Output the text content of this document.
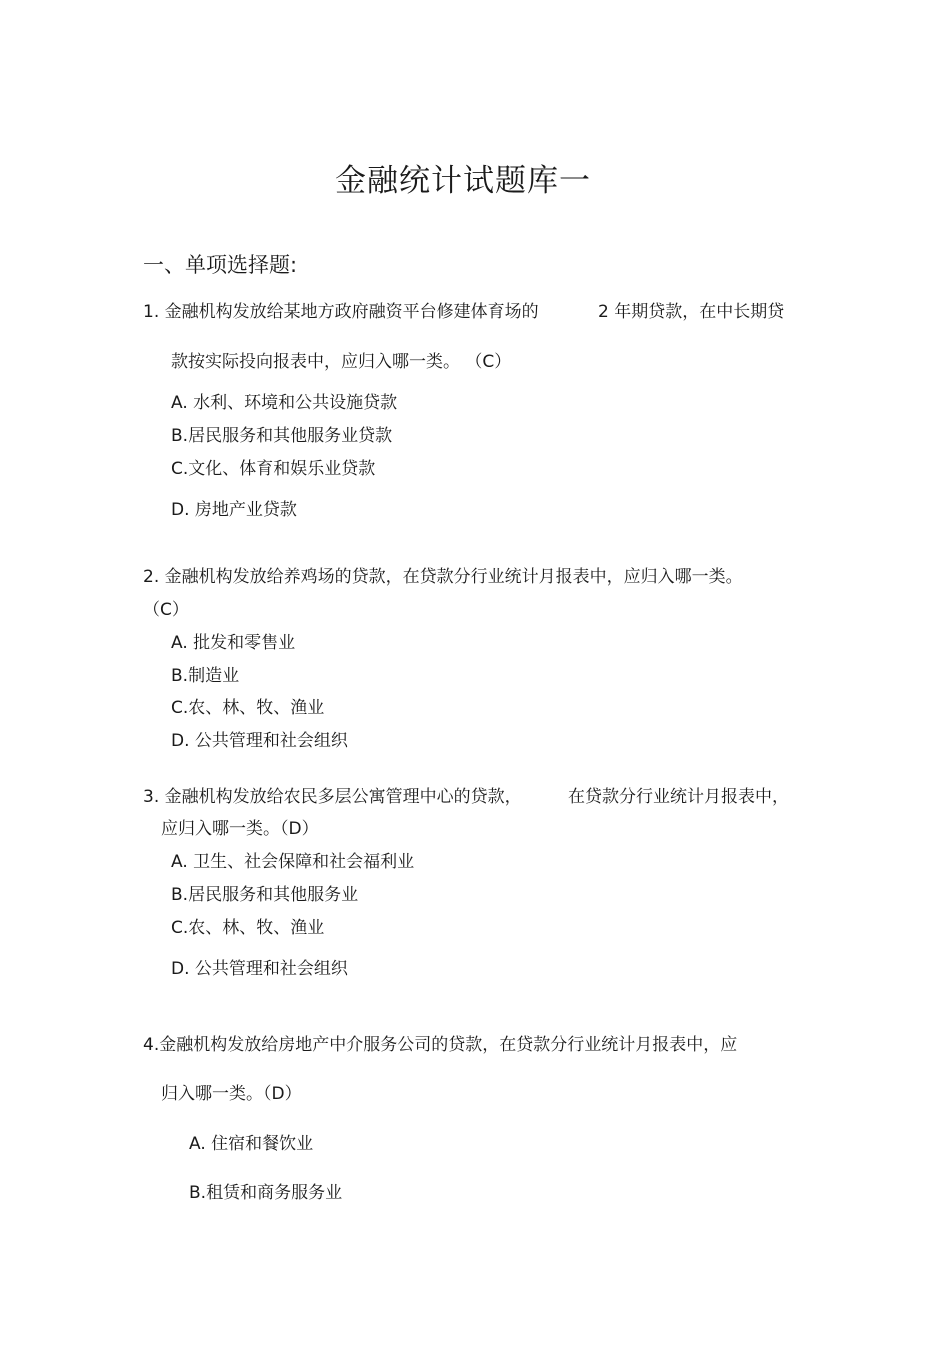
金融统计试题库一
一、单项选择题:
1. 金融机构发放给某地方政府融资平台修建体育场的	2 年期贷款，在中长期贷
款按实际投向报表中，应归入哪一类。 （C）
A. 水利、环境和公共设施贷款
B.居民服务和其他服务业贷款
C.文化、体育和娱乐业贷款
D. 房地产业贷款
2. 金融机构发放给养鸡场的贷款，在贷款分行业统计月报表中，应归入哪一类。
（C）
A. 批发和零售业
B.制造业
C.农、林、牧、渔业
D. 公共管理和社会组织
3. 金融机构发放给农民多层公寓管理中心的贷款，	在贷款分行业统计月报表中，
应归入哪一类。（D）
A. 卫生、社会保障和社会福利业
B.居民服务和其他服务业
C.农、林、牧、渔业
D. 公共管理和社会组织
4.金融机构发放给房地产中介服务公司的贷款，在贷款分行业统计月报表中，应
归入哪一类。（D）
A. 住宿和餐饮业
B.租赁和商务服务业
